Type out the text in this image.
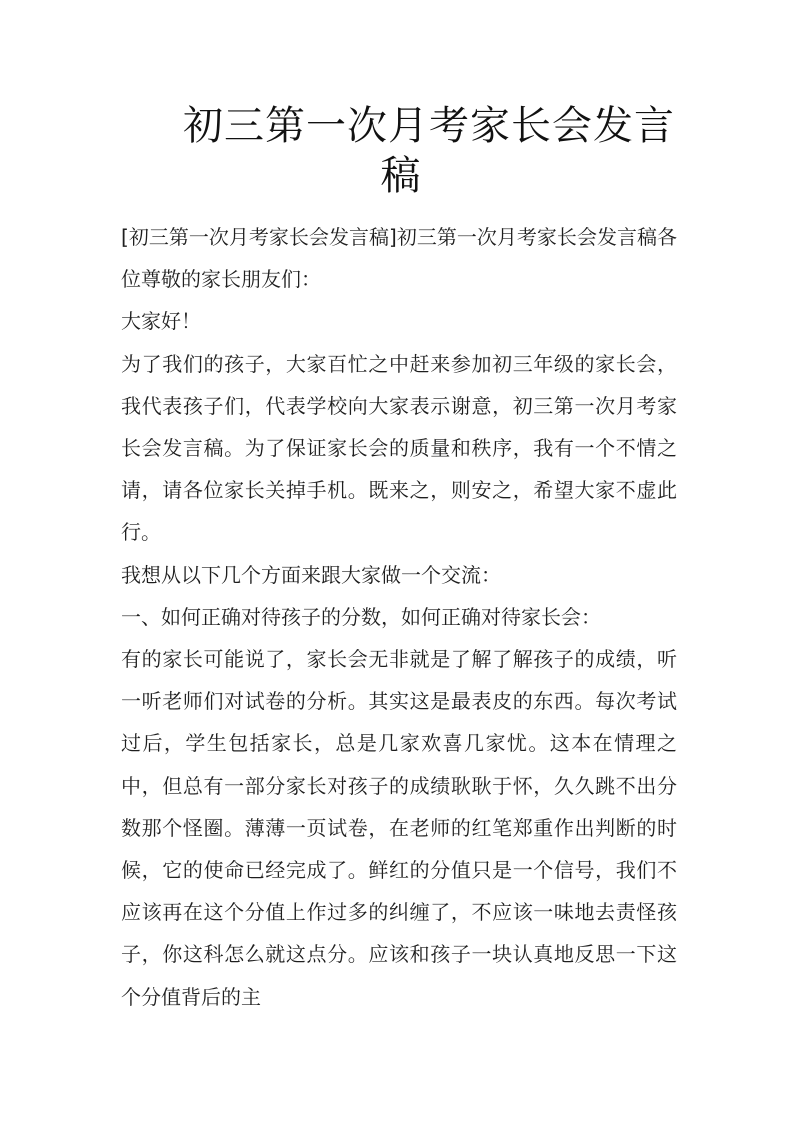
初三第一次月考家长会发言
稿

[初三第一次月考家长会发言稿]初三第一次月考家长会发言稿各位尊敬的家长朋友们：

大家好！

为了我们的孩子，大家百忙之中赶来参加初三年级的家长会，我代表孩子们，代表学校向大家表示谢意，初三第一次月考家长会发言稿。为了保证家长会的质量和秩序，我有一个不情之请，请各位家长关掉手机。既来之，则安之，希望大家不虚此行。

我想从以下几个方面来跟大家做一个交流：

一、如何正确对待孩子的分数，如何正确对待家长会：

有的家长可能说了，家长会无非就是了解了解孩子的成绩，听一听老师们对试卷的分析。其实这是最表皮的东西。每次考试过后，学生包括家长，总是几家欢喜几家忧。这本在情理之中，但总有一部分家长对孩子的成绩耿耿于怀，久久跳不出分数那个怪圈。薄薄一页试卷，在老师的红笔郑重作出判断的时候，它的使命已经完成了。鲜红的分值只是一个信号，我们不应该再在这个分值上作过多的纠缠了，不应该一味地去责怪孩子，你这科怎么就这点分。应该和孩子一块认真地反思一下这个分值背后的主
